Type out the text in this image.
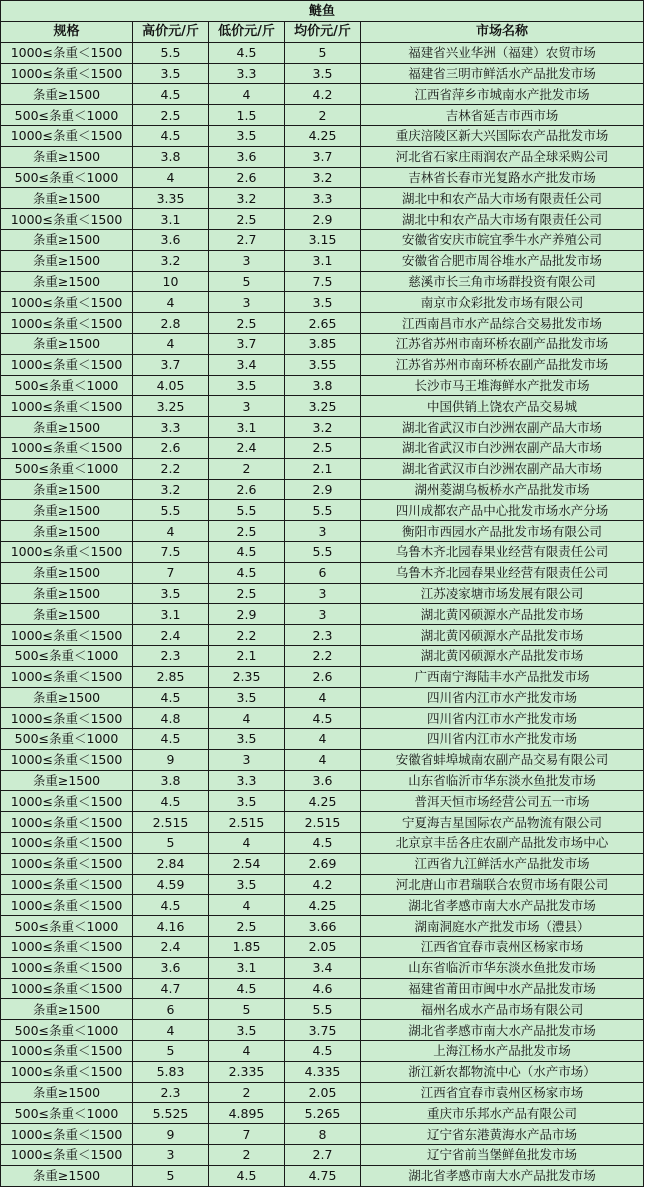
鲢鱼				
规格	高价元/斤	低价元/斤	均价元/斤	市场名称
1000≤条重＜1500	5.5	4.5	5	福建省兴业华洲（福建）农贸市场
1000≤条重＜1500	3.5	3.3	3.5	福建省三明市鲜活水产品批发市场
条重≥1500	4.5	4	4.2	江西省萍乡市城南水产批发市场
500≤条重＜1000	2.5	1.5	2	吉林省延吉市西市场
1000≤条重＜1500	4.5	3.5	4.25	重庆涪陵区新大兴国际农产品批发市场
条重≥1500	3.8	3.6	3.7	河北省石家庄雨润农产品全球采购公司
500≤条重＜1000	4	2.6	3.2	吉林省长春市光复路水产批发市场
条重≥1500	3.35	3.2	3.3	湖北中和农产品大市场有限责任公司
1000≤条重＜1500	3.1	2.5	2.9	湖北中和农产品大市场有限责任公司
条重≥1500	3.6	2.7	3.15	安徽省安庆市皖宜季牛水产养殖公司
条重≥1500	3.2	3	3.1	安徽省合肥市周谷堆水产品批发市场
条重≥1500	10	5	7.5	慈溪市长三角市场群投资有限公司
1000≤条重＜1500	4	3	3.5	南京市众彩批发市场有限公司
1000≤条重＜1500	2.8	2.5	2.65	江西南昌市水产品综合交易批发市场
条重≥1500	4	3.7	3.85	江苏省苏州市南环桥农副产品批发市场
1000≤条重＜1500	3.7	3.4	3.55	江苏省苏州市南环桥农副产品批发市场
500≤条重＜1000	4.05	3.5	3.8	长沙市马王堆海鲜水产批发市场
1000≤条重＜1500	3.25	3	3.25	中国供销上饶农产品交易城
条重≥1500	3.3	3.1	3.2	湖北省武汉市白沙洲农副产品大市场
1000≤条重＜1500	2.6	2.4	2.5	湖北省武汉市白沙洲农副产品大市场
500≤条重＜1000	2.2	2	2.1	湖北省武汉市白沙洲农副产品大市场
条重≥1500	3.2	2.6	2.9	湖州菱湖乌板桥水产品批发市场
条重≥1500	5.5	5.5	5.5	四川成都农产品中心批发市场水产分场
条重≥1500	4	2.5	3	衡阳市西园水产品批发市场有限公司
1000≤条重＜1500	7.5	4.5	5.5	乌鲁木齐北园春果业经营有限责任公司
条重≥1500	7	4.5	6	乌鲁木齐北园春果业经营有限责任公司
条重≥1500	3.5	2.5	3	江苏凌家塘市场发展有限公司
条重≥1500	3.1	2.9	3	湖北黄冈硕源水产品批发市场
1000≤条重＜1500	2.4	2.2	2.3	湖北黄冈硕源水产品批发市场
500≤条重＜1000	2.3	2.1	2.2	湖北黄冈硕源水产品批发市场
1000≤条重＜1500	2.85	2.35	2.6	广西南宁海陆丰水产品批发市场
条重≥1500	4.5	3.5	4	四川省内江市水产批发市场
1000≤条重＜1500	4.8	4	4.5	四川省内江市水产批发市场
500≤条重＜1000	4.5	3.5	4	四川省内江市水产批发市场
1000≤条重＜1500	9	3	4	安徽省蚌埠城南农副产品交易有限公司
条重≥1500	3.8	3.3	3.6	山东省临沂市华东淡水鱼批发市场
1000≤条重＜1500	4.5	3.5	4.25	普洱天恒市场经营公司五一市场
1000≤条重＜1500	2.515	2.515	2.515	宁夏海吉星国际农产品物流有限公司
1000≤条重＜1500	5	4	4.5	北京京丰岳各庄农副产品批发市场中心
1000≤条重＜1500	2.84	2.54	2.69	江西省九江鲜活水产品批发市场
1000≤条重＜1500	4.59	3.5	4.2	河北唐山市君瑞联合农贸市场有限公司
1000≤条重＜1500	4.5	4	4.25	湖北省孝感市南大水产品批发市场
500≤条重＜1000	4.16	2.5	3.66	湖南洞庭水产批发市场（澧县）
1000≤条重＜1500	2.4	1.85	2.05	江西省宜春市袁州区杨家市场
1000≤条重＜1500	3.6	3.1	3.4	山东省临沂市华东淡水鱼批发市场
1000≤条重＜1500	4.7	4.5	4.6	福建省莆田市闽中水产品批发市场
条重≥1500	6	5	5.5	福州名成水产品市场有限公司
500≤条重＜1000	4	3.5	3.75	湖北省孝感市南大水产品批发市场
1000≤条重＜1500	5	4	4.5	上海江杨水产品批发市场
1000≤条重＜1500	5.83	2.335	4.335	浙江新农都物流中心（水产市场）
条重≥1500	2.3	2	2.05	江西省宜春市袁州区杨家市场
500≤条重＜1000	5.525	4.895	5.265	重庆市乐邦水产品有限公司
1000≤条重＜1500	9	7	8	辽宁省东港黄海水产品市场
1000≤条重＜1500	3	2	2.7	辽宁省前当堡鲜鱼批发市场
条重≥1500	5	4.5	4.75	湖北省孝感市南大水产品批发市场
